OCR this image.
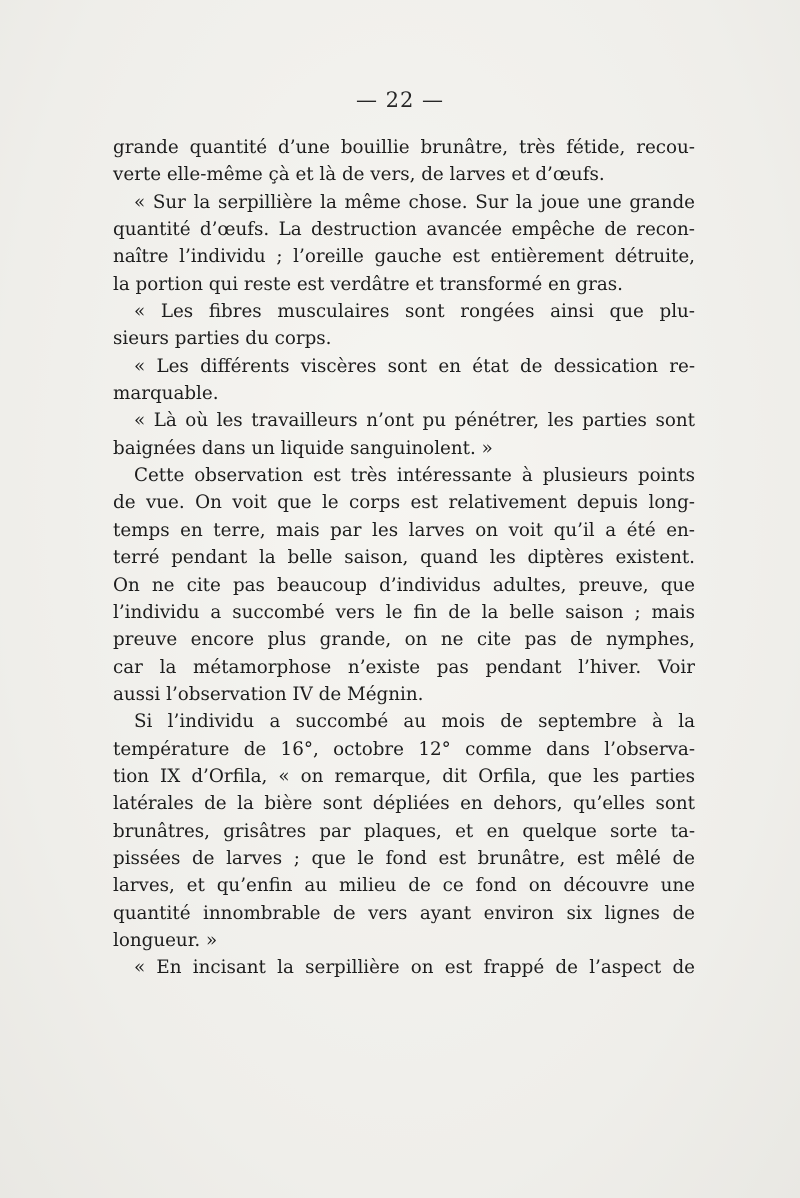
— 22 —
grande quantité d’une bouillie brunâtre, très fétide, recou-
verte elle-même çà et là de vers, de larves et d’œufs.
« Sur la serpillière la même chose. Sur la joue une grande
quantité d’œufs. La destruction avancée empêche de recon-
naître l’individu ; l’oreille gauche est entièrement détruite,
la portion qui reste est verdâtre et transformé en gras.
« Les fibres musculaires sont rongées ainsi que plu-
sieurs parties du corps.
« Les différents viscères sont en état de dessication re-
marquable.
« Là où les travailleurs n’ont pu pénétrer, les parties sont
baignées dans un liquide sanguinolent. »
Cette observation est très intéressante à plusieurs points
de vue. On voit que le corps est relativement depuis long-
temps en terre, mais par les larves on voit qu’il a été en-
terré pendant la belle saison, quand les diptères existent.
On ne cite pas beaucoup d’individus adultes, preuve, que
l’individu a succombé vers le fin de la belle saison ; mais
preuve encore plus grande, on ne cite pas de nymphes,
car la métamorphose n’existe pas pendant l’hiver. Voir
aussi l’observation IV de Mégnin.
Si l’individu a succombé au mois de septembre à la
température de 16°, octobre 12° comme dans l’observa-
tion IX d’Orfila, « on remarque, dit Orfila, que les parties
latérales de la bière sont dépliées en dehors, qu’elles sont
brunâtres, grisâtres par plaques, et en quelque sorte ta-
pissées de larves ; que le fond est brunâtre, est mêlé de
larves, et qu’enfin au milieu de ce fond on découvre une
quantité innombrable de vers ayant environ six lignes de
longueur. »
« En incisant la serpillière on est frappé de l’aspect de
